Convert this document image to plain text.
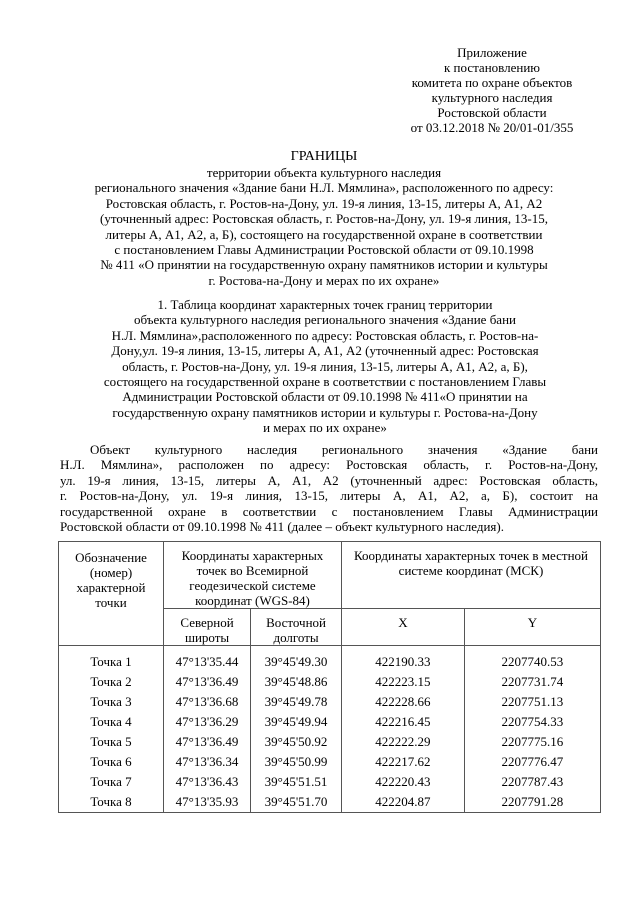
Приложение
к постановлению
комитета по охране объектов
культурного наследия
Ростовской области
от 03.12.2018 № 20/01-01/355
ГРАНИЦЫ
территории объекта культурного наследия
регионального значения «Здание бани Н.Л. Мямлина», расположенного по адресу:
Ростовская область, г. Ростов-на-Дону, ул. 19-я линия, 13-15, литеры А, А1, А2
(уточненный адрес: Ростовская область, г. Ростов-на-Дону, ул. 19-я линия, 13-15,
литеры А, А1, А2, а, Б), состоящего на государственной охране в соответствии
с постановлением Главы Администрации Ростовской области от 09.10.1998
№ 411 «О принятии на государственную охрану памятников истории и культуры
г. Ростова-на-Дону и мерах по их охране»
1. Таблица координат характерных точек границ территории
объекта культурного наследия регионального значения «Здание бани
Н.Л. Мямлина»,расположенного по адресу: Ростовская область, г. Ростов-на-
Дону,ул. 19-я линия, 13-15, литеры А, А1, А2 (уточненный адрес: Ростовская
область, г. Ростов-на-Дону, ул. 19-я линия, 13-15, литеры А, А1, А2, а, Б),
состоящего на государственной охране в соответствии с постановлением Главы
Администрации Ростовской области от 09.10.1998 № 411«О принятии на
государственную охрану памятников истории и культуры г. Ростова-на-Дону
и мерах по их охране»
Объект культурного наследия регионального значения «Здание бани
Н.Л. Мямлина», расположен по адресу: Ростовская область, г. Ростов-на-Дону,
ул. 19-я линия, 13-15, литеры А, А1, А2 (уточненный адрес: Ростовская область,
г. Ростов-на-Дону, ул. 19-я линия, 13-15, литеры А, А1, А2, а, Б), состоит на
государственной охране в соответствии с постановлением Главы Администрации
Ростовской области от 09.10.1998 № 411 (далее – объект культурного наследия).
Обозначение (номер) характерной точки	Координаты характерных точек во Всемирной геодезической системе координат (WGS-84)		Координаты характерных точек в местной системе координат (МСК)	
	Северной широты	Восточной долготы	X	Y
Точка 1	47°13'35.44	39°45'49.30	422190.33	2207740.53
Точка 2	47°13'36.49	39°45'48.86	422223.15	2207731.74
Точка 3	47°13'36.68	39°45'49.78	422228.66	2207751.13
Точка 4	47°13'36.29	39°45'49.94	422216.45	2207754.33
Точка 5	47°13'36.49	39°45'50.92	422222.29	2207775.16
Точка 6	47°13'36.34	39°45'50.99	422217.62	2207776.47
Точка 7	47°13'36.43	39°45'51.51	422220.43	2207787.43
Точка 8	47°13'35.93	39°45'51.70	422204.87	2207791.28
